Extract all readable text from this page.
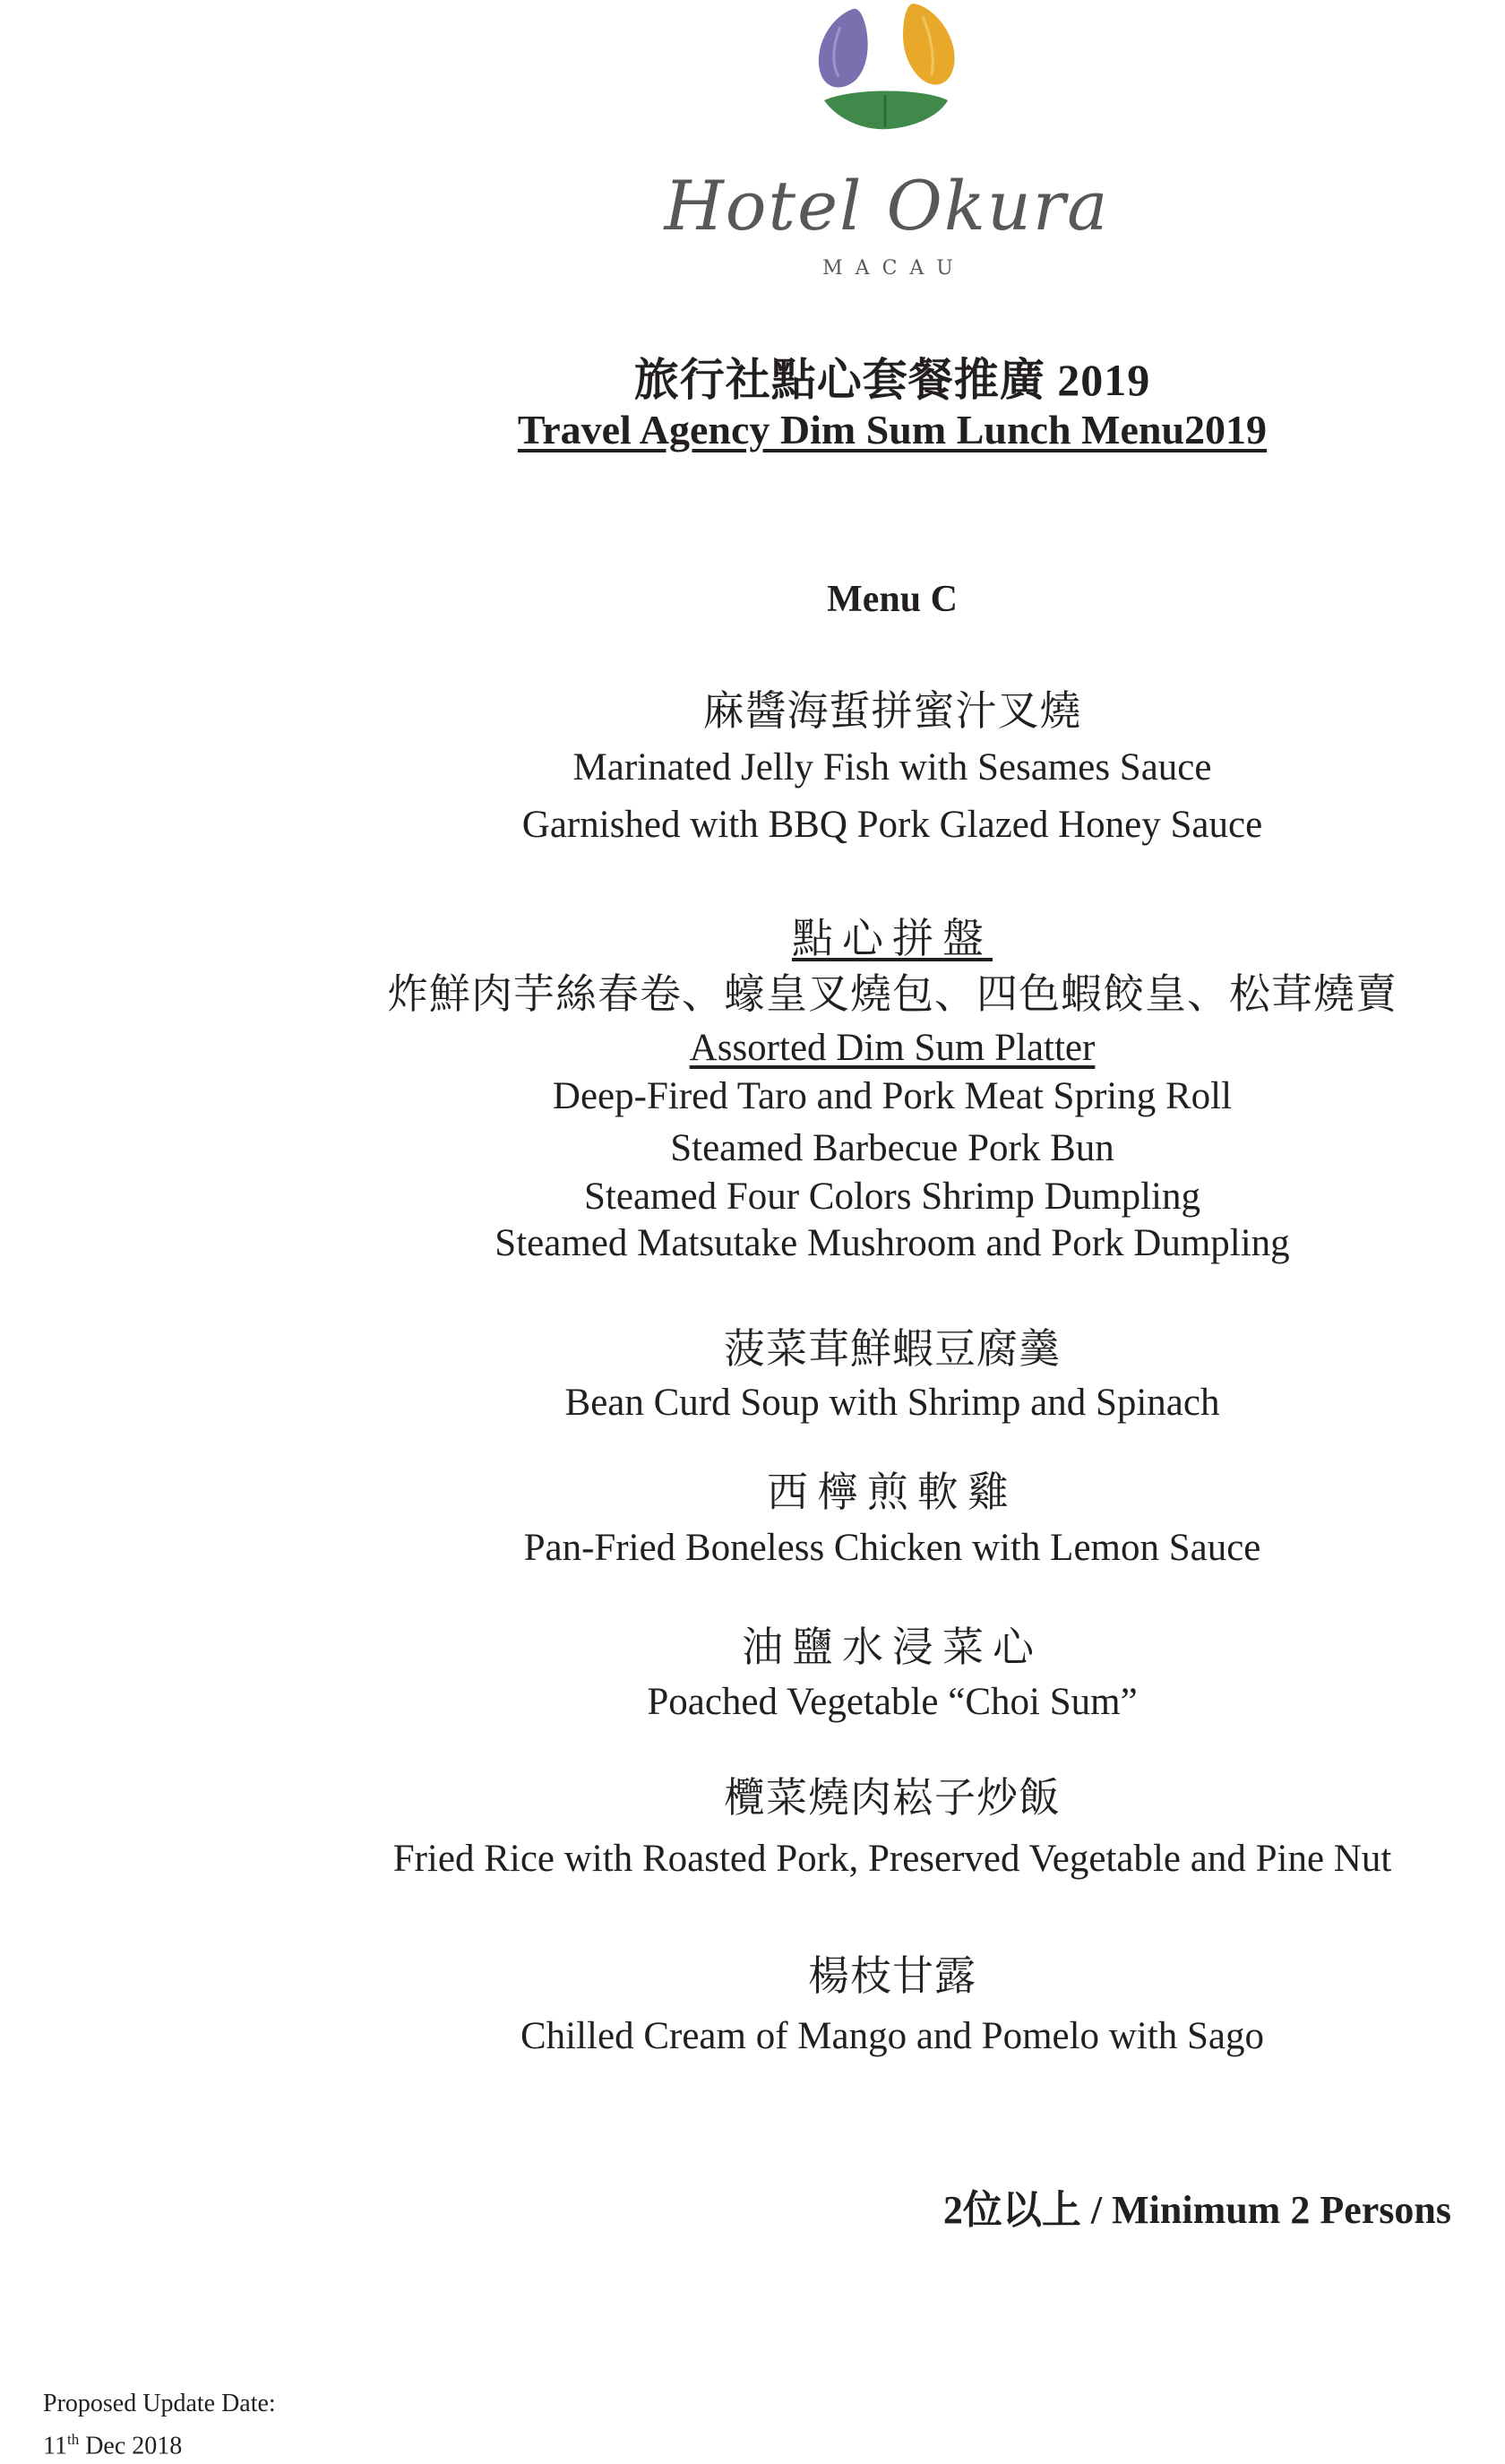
Hotel Okura
MACAU
旅行社點心套餐推廣 2019
Travel Agency Dim Sum Lunch Menu2019
Menu C
麻醬海蜇拼蜜汁叉燒
Marinated Jelly Fish with Sesames Sauce
Garnished with BBQ Pork Glazed Honey Sauce
點心拼盤
炸鮮肉芋絲春卷、蠔皇叉燒包、四色蝦餃皇、松茸燒賣
Assorted Dim Sum Platter
Deep-Fired Taro and Pork Meat Spring Roll
Steamed Barbecue Pork Bun
Steamed Four Colors Shrimp Dumpling
Steamed Matsutake Mushroom and Pork Dumpling
菠菜茸鮮蝦豆腐羹
Bean Curd Soup with Shrimp and Spinach
西檸煎軟雞
Pan-Fried Boneless Chicken with Lemon Sauce
油鹽水浸菜心
Poached Vegetable “Choi Sum”
欖菜燒肉崧子炒飯
Fried Rice with Roasted Pork, Preserved Vegetable and Pine Nut
楊枝甘露
Chilled Cream of Mango and Pomelo with Sago
2位以上 / Minimum 2 Persons
Proposed Update Date:
11th Dec 2018
